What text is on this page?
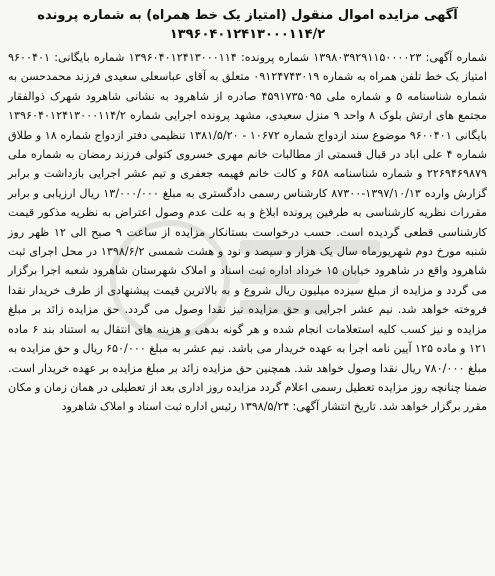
آگهی مزایده اموال منقول (امتیاز یک خط همراه) به شماره پرونده
۱۳۹۶۰۴۰۱۲۴۱۳۰۰۰۱۱۴/۲

شماره آگهی: ۱۳۹۸۰۳۹۲۹۱۱۵۰۰۰۰۲۳ شماره پرونده: ۱۳۹۶۰۴۰۱۲۴۱۳۰۰۰۱۱۴ شماره بایگانی: ۹۶۰۰۴۰۱ امتیاز یک خط تلفن همراه به شماره ۰۹۱۲۴۷۴۳۰۱۹ متعلق به آقای عباسعلی سعیدی فرزند محمدحسن به شماره شناسنامه ۵ و شماره ملی ۴۵۹۱۷۳۵۰۹۵ صادره از شاهرود به نشانی شاهرود شهرک ذوالفقار مجتمع های ارتش بلوک ۸ واحد ۹ منزل سعیدی، مشهد پرونده اجرایی شماره ۱۳۹۶۰۴۰۱۲۴۱۳۰۰۰۱۱۴/۲ بایگانی ۹۶۰۰۴۰۱ موضوع سند ازدواج شماره ۱۰۶۷۲ - ۱۳۸۱/۵/۲۰ تنظیمی دفتر ازدواج شماره ۱۸ و طلاق شماره ۴ علی اباد در قبال قسمتی از مطالبات خانم مهری خسروی کتولی فرزند رمضان به شماره ملی ۲۲۶۹۴۶۹۸۷۹ و شماره شناسنامه ۶۵۸ و کالت خانم فهیمه جعفری و تیم عشر اجرایی بازداشت و برابر گزارش وارده ۱۳۹۷/۱۰/۱۳-۸۷۳۰۰ کارشناس رسمی دادگستری به مبلغ ۱۳/۰۰۰/۰۰۰ ریال ارزیابی و برابر مقررات نظریه کارشناسی به طرفین پرونده ابلاغ و به علت عدم وصول اعتراض به نظریه مذکور قیمت کارشناسی قطعی گردیده است. حسب درخواست بستانکار مزایده از ساعت ۹ صبح الی ۱۲ ظهر روز شنبه مورخ دوم شهریورماه سال یک هزار و سیصد و نود و هشت شمسی ۱۳۹۸/۶/۲ در محل اجرای ثبت شاهرود واقع در شاهرود خیابان ۱۵ خرداد اداره ثبت اسناد و املاک شهرستان شاهرود شعبه اجرا برگزار می گردد و مزایده از مبلغ سیزده میلیون ریال شروع و به بالاترین قیمت پیشنهادی از طرف خریدار نقدا فروخته خواهد شد. نیم عشر اجرایی و حق مزایده نیز نقدا وصول می گردد. حق مزایده زائد بر مبلغ مزایده و نیز کسب کلیه استعلامات انجام شده و هر گونه بدهی و هزینه های انتقال به استناد بند ۶ ماده ۱۲۱ و ماده ۱۲۵ آیین نامه اجرا به عهده خریدار می باشد. نیم عشر به مبلغ ۶۵۰/۰۰۰ ریال و حق مزایده به مبلغ ۷۸۰/۰۰۰ ریال نقدا وصول خواهد شد. همچنین حق مزایده زائد بر مبلغ مزایده بر عهده خریدار است. ضمنا چنانچه روز مزایده تعطیل رسمی اعلام گردد مزایده روز اداری بعد از تعطیلی در همان زمان و مکان مقرر برگزار خواهد شد. تاریخ انتشار آگهی: ۱۳۹۸/۵/۲۴ رئیس اداره ثبت اسناد و املاک شاهرود
